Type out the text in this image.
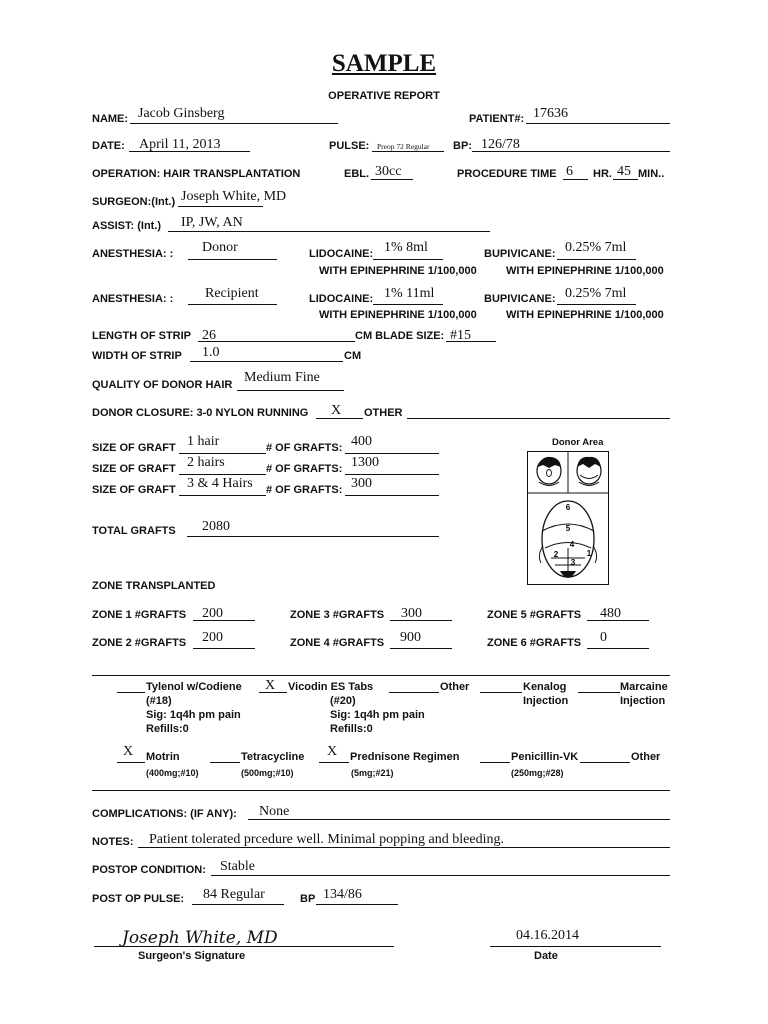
SAMPLE
OPERATIVE REPORT
NAME: Jacob Ginsberg	PATIENT#: 17636
DATE: April 11, 2013	PULSE: Preop 72 Regular BP: 126/78
OPERATION: HAIR TRANSPLANTATION	EBL. 30cc	PROCEDURE TIME 6 HR. 45 MIN..
SURGEON:(Int.) Joseph White, MD
ASSIST: (Int.) IP, JW, AN
ANESTHESIA: : Donor	LIDOCAINE: 1% 8ml	BUPIVICANE: 0.25% 7ml
WITH EPINEPHRINE 1/100,000	WITH EPINEPHRINE 1/100,000
ANESTHESIA: : Recipient	LIDOCAINE: 1% 11ml	BUPIVICANE: 0.25% 7ml
WITH EPINEPHRINE 1/100,000	WITH EPINEPHRINE 1/100,000
LENGTH OF STRIP 26	CM BLADE SIZE: #15
WIDTH OF STRIP 1.0	CM
QUALITY OF DONOR HAIR Medium Fine
DONOR CLOSURE: 3-0 NYLON RUNNING X OTHER
SIZE OF GRAFT 1 hair	# OF GRAFTS: 400
SIZE OF GRAFT 2 hairs	# OF GRAFTS: 1300
SIZE OF GRAFT 3 & 4 Hairs # OF GRAFTS: 300
TOTAL GRAFTS 2080
Donor Area
6
5
4
2	1
3
ZONE TRANSPLANTED
ZONE 1 #GRAFTS 200	ZONE 3 #GRAFTS 300	ZONE 5 #GRAFTS 480
ZONE 2 #GRAFTS 200	ZONE 4 #GRAFTS 900	ZONE 6 #GRAFTS 0
Tylenol w/Codiene
(#18)
Sig: 1q4h pm pain
Refills:0
X Vicodin ES Tabs
(#20)
Sig: 1q4h pm pain
Refills:0
Other	Kenalog
Injection
Marcaine
Injection
X Motrin
(400mg;#10)
Tetracycline
(500mg;#10)
X Prednisone Regimen
(5mg;#21)
Penicillin-VK
(250mg;#28)
Other
COMPLICATIONS: (IF ANY): None
NOTES: Patient tolerated prcedure well. Minimal popping and bleeding.
POSTOP CONDITION: Stable
POST OP PULSE: 84 Regular	BP 134/86
Joseph White, MD
Surgeon's Signature
04.16.2014
Date
